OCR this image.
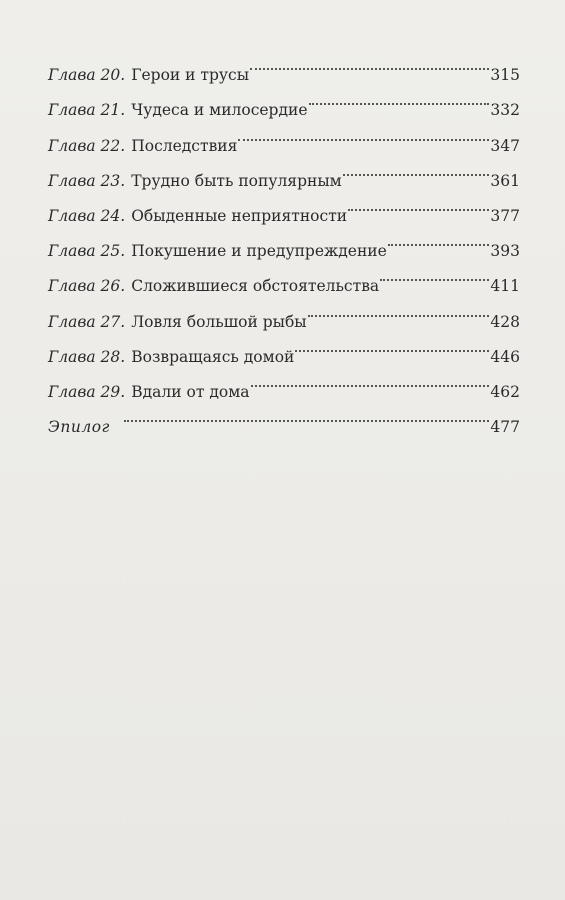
Глава 20. Герои и трусы	315
Глава 21. Чудеса и милосердие	332
Глава 22. Последствия	347
Глава 23. Трудно быть популярным	361
Глава 24. Обыденные неприятности	377
Глава 25. Покушение и предупреждение	393
Глава 26. Сложившиеся обстоятельства	411
Глава 27. Ловля большой рыбы	428
Глава 28. Возвращаясь домой	446
Глава 29. Вдали от дома	462
Эпилог	477
